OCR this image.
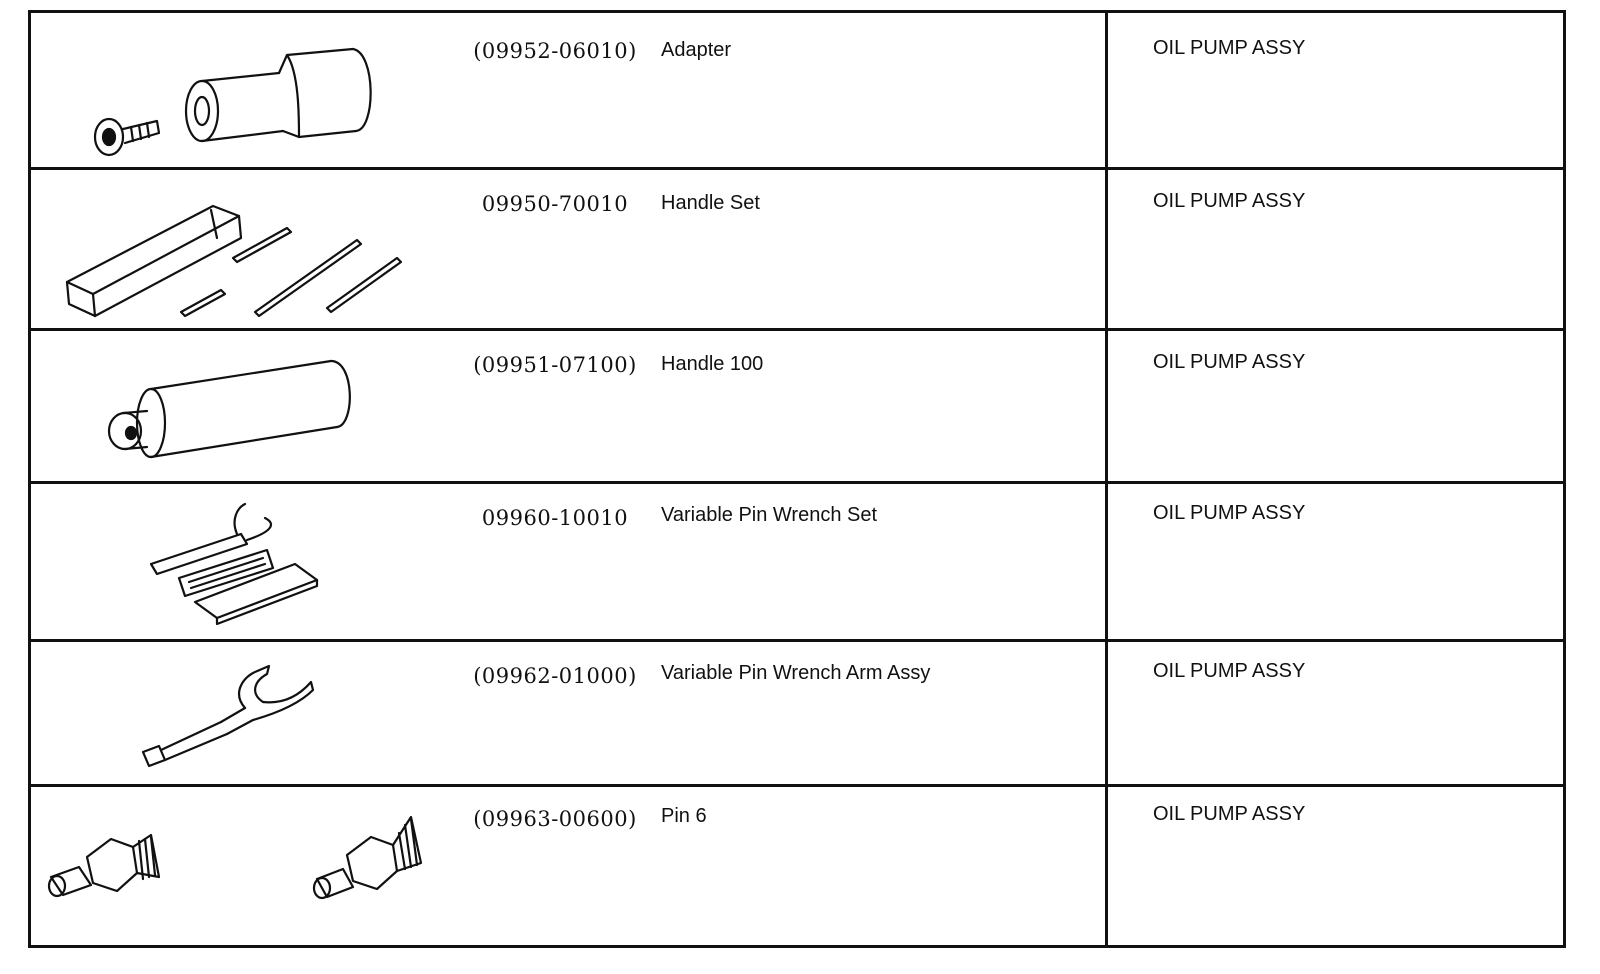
(09952-06010)	Adapter	OIL PUMP ASSY
09950-70010	Handle Set	OIL PUMP ASSY
(09951-07100)	Handle 100	OIL PUMP ASSY
09960-10010	Variable Pin Wrench Set	OIL PUMP ASSY
(09962-01000)	Variable Pin Wrench Arm Assy	OIL PUMP ASSY
(09963-00600)	Pin 6	OIL PUMP ASSY
